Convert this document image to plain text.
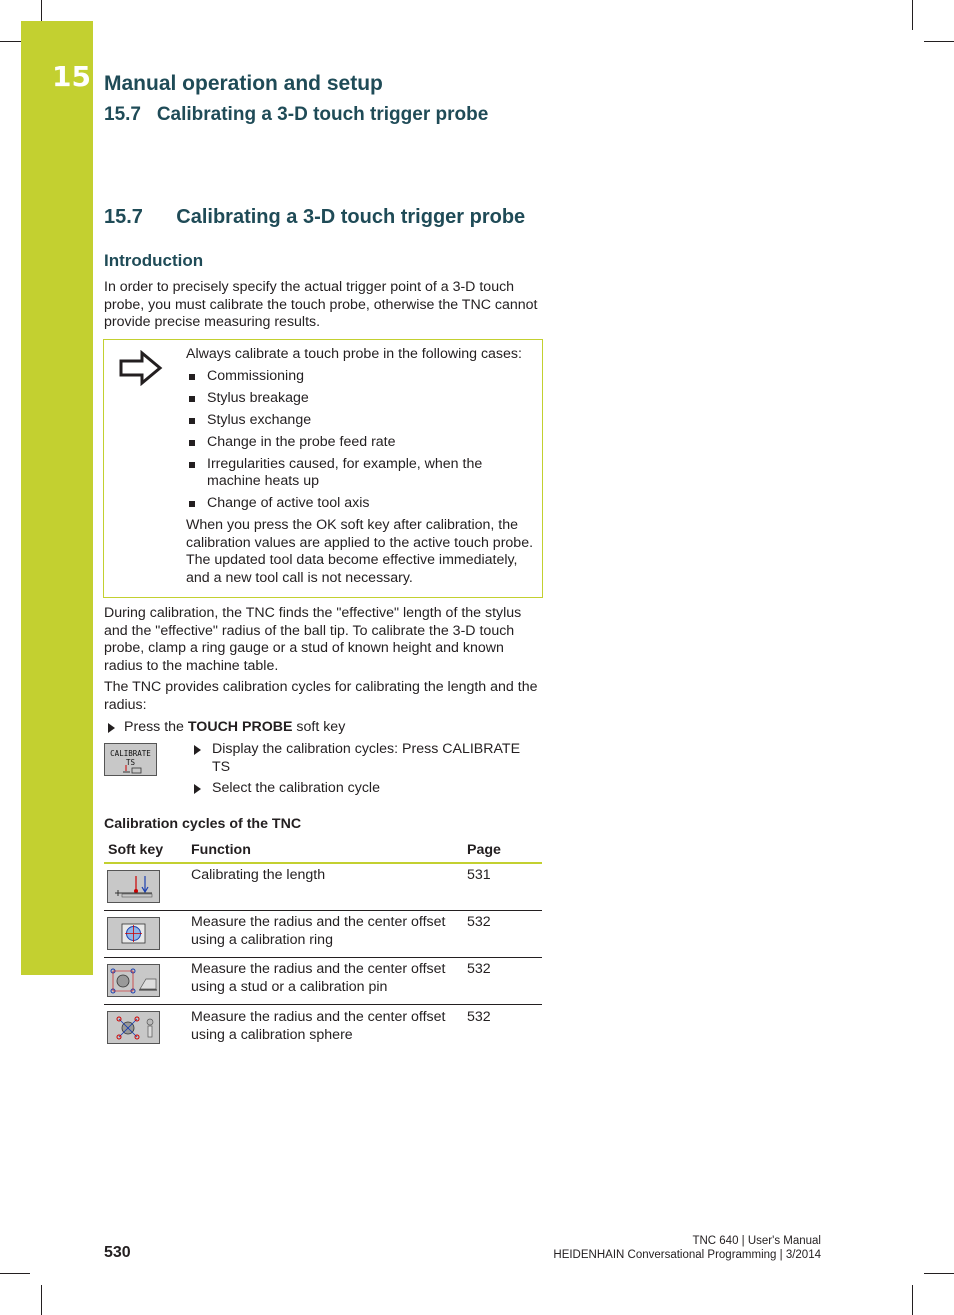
15 Manual operation and setup
15.7   Calibrating a 3-D touch trigger probe
15.7      Calibrating a 3-D touch trigger probe
Introduction

In order to precisely specify the actual trigger point of a 3-D touch probe, you must calibrate the touch probe, otherwise the TNC cannot provide precise measuring results.

Always calibrate a touch probe in the following cases:

Commissioning
Stylus breakage
Stylus exchange
Change in the probe feed rate
Irregularities caused, for example, when the machine heats up
Change of active tool axis

When you press the OK soft key after calibration, the calibration values are applied to the active touch probe. The updated tool data become effective immediately, and a new tool call is not necessary.

During calibration, the TNC finds the "effective" length of the stylus and the "effective" radius of the ball tip. To calibrate the 3-D touch probe, clamp a ring gauge or a stud of known height and known radius to the machine table.

The TNC provides calibration cycles for calibrating the length and the radius:

Press the TOUCH PROBE soft key
CALIBRATE
TS
Display the calibration cycles: Press CALIBRATE TS
Select the calibration cycle
Calibration cycles of the TNC
Soft key Function	Page
Calibrating the length	531
Measure the radius and the center offset using a calibration ring
532
Measure the radius and the center offset using a stud or a calibration pin
532
Measure the radius and the center offset using a calibration sphere
532
530
TNC 640 | User's Manual
HEIDENHAIN Conversational Programming | 3/2014
